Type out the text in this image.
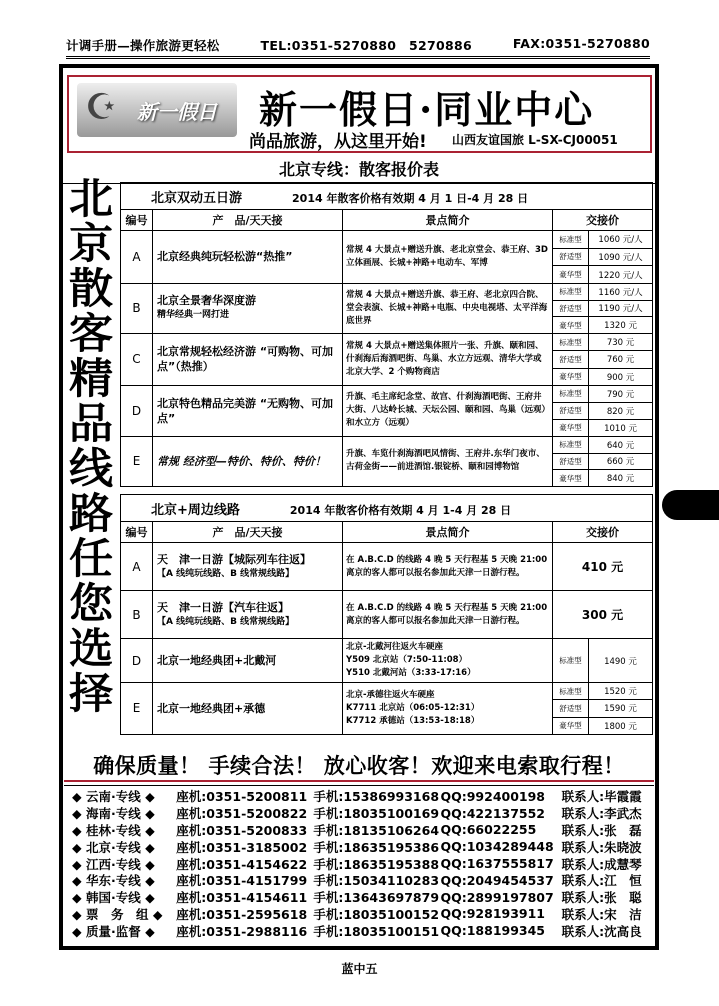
计调手册—操作旅游更轻松	TEL:0351-5270880　5270886	FAX:0351-5270880
☪ 新一假日 新一假日·同业中心
尚品旅游，从这里开始! 山西友谊国旅 L-SX-CJ00051
北京专线：散客报价表
北
京
散
客
精
品
线
路
任
您
选
择
北京双动五日游 2014 年散客价格有效期 4 月 1 日-4 月 28 日				
编号	产　品/天天接	景点简介	交接价	
A	北京经典纯玩轻松游“热推”	常规 4 大景点+赠送升旗、老北京堂会、恭王府、3D 立体画展、长城+神路+电动车、军博	标准型	1060 元/人
			舒适型	1090 元/人
			豪华型	1220 元/人
B	北京全景奢华深度游
精华经典一网打进	常规 4 大景点+赠送升旗、恭王府、老北京四合院、堂会表演、长城+神路+电瓶、中央电视塔、太平洋海底世界	标准型	1160 元/人
			舒适型	1190 元/人
			豪华型	1320 元
C	北京常规轻松经济游 “可购物、可加点”（热推）	常规 4 大景点+赠送集体照片一张、升旗、颐和园、什刹海后海酒吧街、鸟巢、水立方远观、清华大学或北京大学、2 个购物商店	标准型	730 元
			舒适型	760 元
			豪华型	900 元
D	北京特色精品完美游 “无购物、可加点”	升旗、毛主席纪念堂、故宫、什刹海酒吧街、王府井大街、八达岭长城、天坛公园、颐和园、鸟巢（远观）和水立方（远观）	标准型	790 元
			舒适型	820 元
			豪华型	1010 元
E	常规 经济型—特价、特价、特价！	升旗、车览什刹海酒吧风情街、王府井.东华门夜市、古荷金街——前进酒馆.银锭桥、颐和园博物馆	标准型	640 元
			舒适型	660 元
			豪华型	840 元
北京+周边线路 2014 年散客价格有效期 4 月 1-4 月 28 日				
编号	产　品/天天接	景点简介	交接价	
A	天　津一日游【城际列车往返】
【A 线纯玩线路、B 线常规线路】	在 A.B.C.D 的线路 4 晚 5 天行程基 5 天晚 21:00 离京的客人都可以报名参加此天津一日游行程。	410 元	
B	天　津一日游【汽车往返】
【A 线纯玩线路、B 线常规线路】	在 A.B.C.D 的线路 4 晚 5 天行程基 5 天晚 21:00 离京的客人都可以报名参加此天津一日游行程。	300 元	
D	北京一地经典团+北戴河	北京-北戴河往返火车硬座
Y509 北京站（7:50-11:08）
Y510 北戴河站（3:33-17:16）	标准型	1490 元
E	北京一地经典团+承德	北京-承德往返火车硬座
K7711 北京站（06:05-12:31）
K7712 承德站（13:53-18:18）	标准型	1520 元
			舒适型	1590 元
			豪华型	1800 元
确保质量！ 手续合法！ 放心收客！欢迎来电索取行程！
◆ 云南·专线 ◆	座机:0351-5200811 手机:15386993168 QQ:992400198	联系人:毕霞霞
◆ 海南·专线 ◆	座机:0351-5200822 手机:18035100169 QQ:422137552	联系人:李武杰
◆ 桂林·专线 ◆	座机:0351-5200833 手机:18135106264 QQ:66022255	联系人:张　磊
◆ 北京·专线 ◆	座机:0351-3185002 手机:18635195386 QQ:1034289448 联系人:朱晓波
◆ 江西·专线 ◆	座机:0351-4154622 手机:18635195388 QQ:1637555817 联系人:成慧琴
◆ 华东·专线 ◆	座机:0351-4151799 手机:15034110283 QQ:2049454537 联系人:江　恒
◆ 韩国·专线 ◆	座机:0351-4154611 手机:13643697879 QQ:2899197807 联系人:张　聪
◆ 票　务　组 ◆	座机:0351-2595618 手机:18035100152 QQ:928193911	联系人:宋　洁
◆ 质量·监督 ◆	座机:0351-2988116 手机:18035100151 QQ:188199345	联系人:沈高良
蓝中五
